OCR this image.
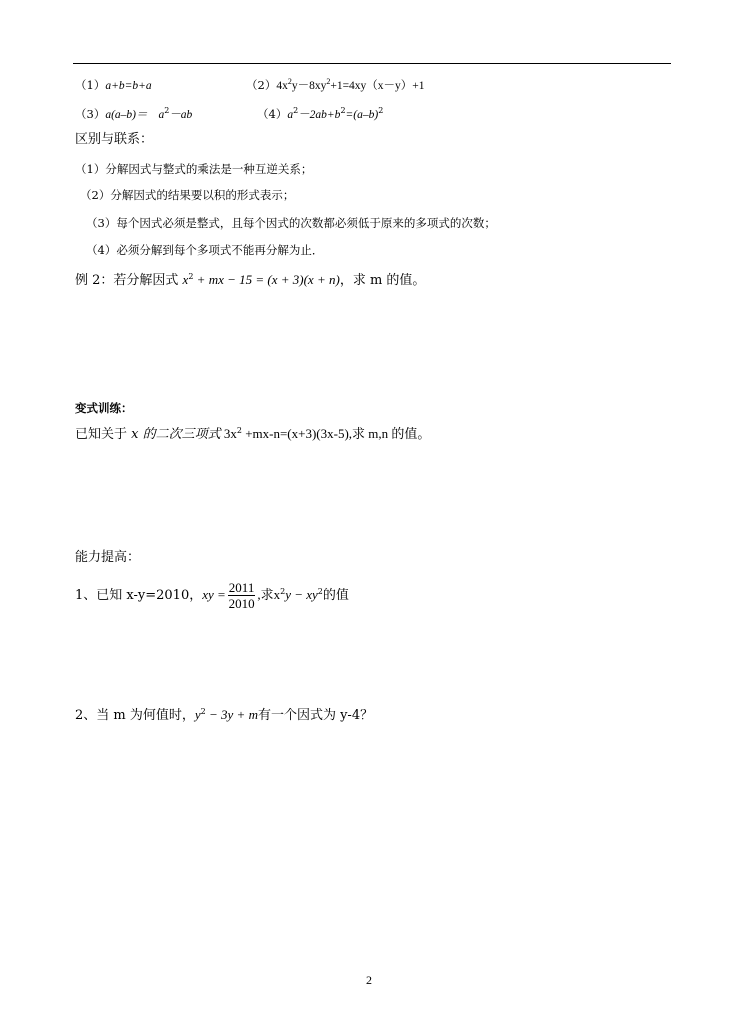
（1）a+b=b+a	$(2)4x^2y-8xy^2+1=4xy(x-y)+1$
$(3)a(a-b)= a^2-ab$	$(4)a^2-2ab+b^2=(a-b)^2$
区别与联系：
（1）分解因式与整式的乘法是一种互逆关系；
（2）分解因式的结果要以积的形式表示；
（3）每个因式必须是整式，且每个因式的次数都必须低于原来的多项式的次数；
（4）必须分解到每个多项式不能再分解为止．
例 2：若分解因式 $x^2$ + mx − 15 = (x + 3)(x + n)，求 m 的值。
变式训练：
已知关于 x 的二次三项式 $3x^2 +mx-n=(x+3)(3x-5)$,求 m,n 的值。
能力提高：
1、已知 x-y=2010，xy = $\frac{2011}{2010}$ ,求$x^2y - xy^2$的值
2、当 m 为何值时，$y^2 - 3y + m$有一个因式为 y-4？
2
